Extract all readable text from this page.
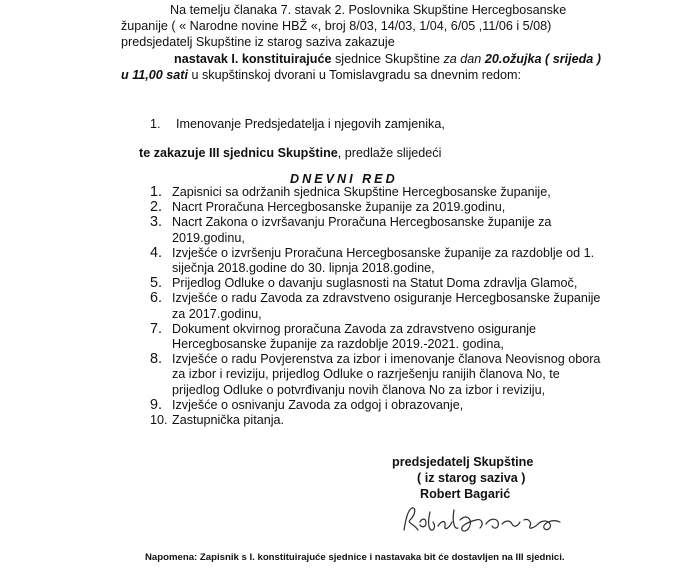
Na temelju članaka 7. stavak 2. Poslovnika Skupštine Hercegbosanske
županije ( « Narodne novine HBŽ «, broj 8/03, 14/03, 1/04, 6/05 ,11/06 i 5/08)
predsjedatelj Skupštine iz starog saziva zakazuje
nastavak I. konstituirajuće sjednice Skupštine za dan 20.ožujka ( srijeda )
u 11,00 sati u skupštinskoj dvorani u Tomislavgradu sa dnevnim redom:
1. Imenovanje Predsjedatelja i njegovih zamjenika,
te zakazuje III sjednicu Skupštine, predlaže slijedeći
DNEVNI RED
1. Zapisnici sa održanih sjednica Skupštine Hercegbosanske županije,
2. Nacrt Proračuna Hercegbosanske županije za 2019.godinu,
3. Nacrt Zakona o izvršavanju Proračuna Hercegbosanske županije za
2019.godinu,
4. Izvješće o izvršenju Proračuna Hercegbosanske županije za razdoblje od 1.
siječnja 2018.godine do 30. lipnja 2018.godine,
5. Prijedlog Odluke o davanju suglasnosti na Statut Doma zdravlja Glamoč,
6. Izvješće o radu Zavoda za zdravstveno osiguranje Hercegbosanske županije
za 2017.godinu,
7. Dokument okvirnog proračuna Zavoda za zdravstveno osiguranje
Hercegbosanske županije za razdoblje 2019.-2021. godina,
8. Izvješće o radu Povjerenstva za izbor i imenovanje članova Neovisnog obora
za izbor i reviziju, prijedlog Odluke o razrješenju ranijih članova No, te
prijedlog Odluke o potvrđivanju novih članova No za izbor i reviziju,
9. Izvješće o osnivanju Zavoda za odgoj i obrazovanje,
10. Zastupnička pitanja.
predsjedatelj Skupštine
( iz starog saziva )
Robert Bagarić
Napomena: Zapisnik s I. konstituirajuće sjednice i nastavaka bit će dostavljen na III sjednici.
